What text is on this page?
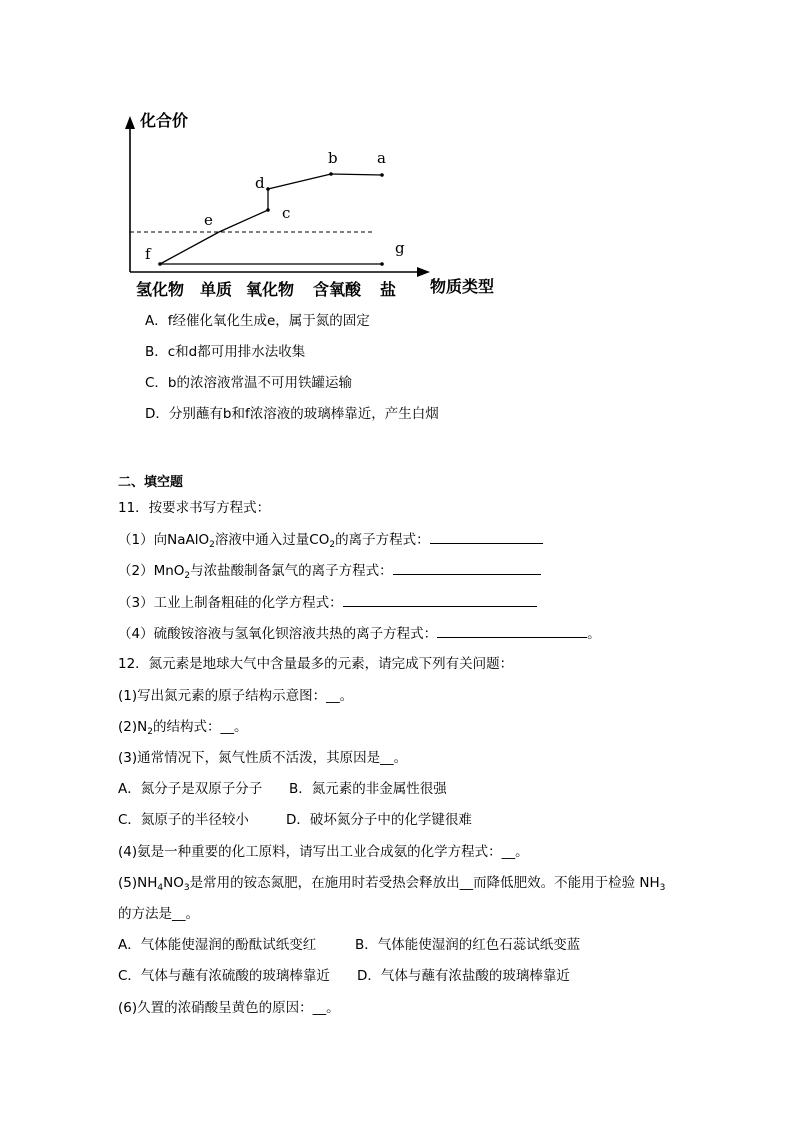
化合价
物质类型
a
b
c
d
e
f	g
氢化物 单质 氧化物 含氧酸 盐
A．f经催化氧化生成e，属于氮的固定
B．c和d都可用排水法收集
C．b的浓溶液常温不可用铁罐运输
D．分别蘸有b和f浓溶液的玻璃棒靠近，产生白烟
二、填空题
11．按要求书写方程式：
（1）向NaAlO$_2$溶液中通入过量$CO_2$的离子方程式：
（2）MnO$_2$与浓盐酸制备氯气的离子方程式：
（3）工业上制备粗硅的化学方程式：
（4）硫酸铵溶液与氢氧化钡溶液共热的离子方程式：	。
12．氮元素是地球大气中含量最多的元素，请完成下列有关问题：
(1)写出氮元素的原子结构示意图：__。
$(2)N_2$的结构式：__。
(3)通常情况下，氮气性质不活泼，其原因是__。
A．氮分子是双原子分子 B．氮元素的非金属性很强
C．氮原子的半径较小	D．破坏氮分子中的化学键很难
(4)氨是一种重要的化工原料，请写出工业合成氨的化学方程式：__。
$(5)NH_4NO_3$是常用的铵态氮肥，在施用时若受热会释放出__而降低肥效。不能用于检验 $NH_3$
的方法是__。
A．气体能使湿润的酚酞试纸变红	B．气体能使湿润的红色石蕊试纸变蓝
C．气体与蘸有浓硫酸的玻璃棒靠近 D．气体与蘸有浓盐酸的玻璃棒靠近
(6)久置的浓硝酸呈黄色的原因：__。
